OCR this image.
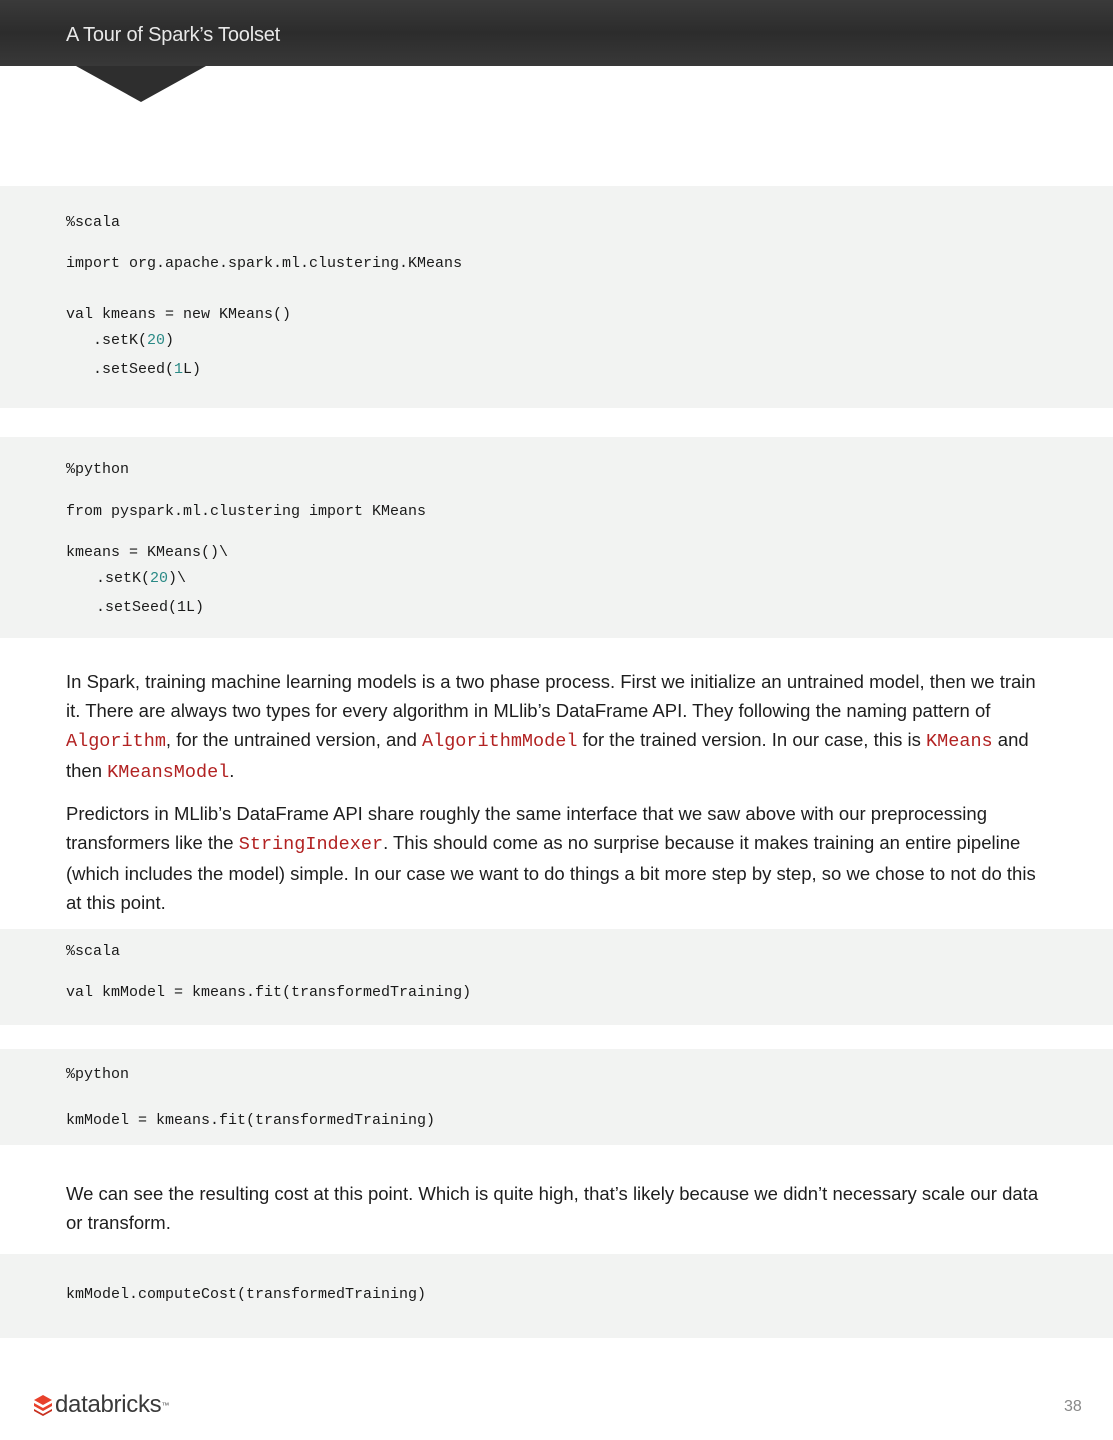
A Tour of Spark’s Toolset
%scala
import org.apache.spark.ml.clustering.KMeans
val kmeans = new KMeans()
.setK(20)
.setSeed(1L)
%python
from pyspark.ml.clustering import KMeans
kmeans = KMeans()\
.setK(20)\
.setSeed(1L)

In Spark, training machine learning models is a two phase process. First we initialize an untrained model, then we train it. There are always two types for every algorithm in MLlib’s DataFrame API. They following the naming pattern of Algorithm, for the untrained version, and AlgorithmModel for the trained version. In our case, this is KMeans and then KMeansModel.

Predictors in MLlib’s DataFrame API share roughly the same interface that we saw above with our preprocessing transformers like the StringIndexer. This should come as no surprise because it makes training an entire pipeline (which includes the model) simple. In our case we want to do things a bit more step by step, so we chose to not do this at this point.

%scala
val kmModel = kmeans.fit(transformedTraining)
%python
kmModel = kmeans.fit(transformedTraining)

We can see the resulting cost at this point. Which is quite high, that’s likely because we didn’t necessary scale our data or transform.

kmModel.computeCost(transformedTraining)
databricks ™	38
